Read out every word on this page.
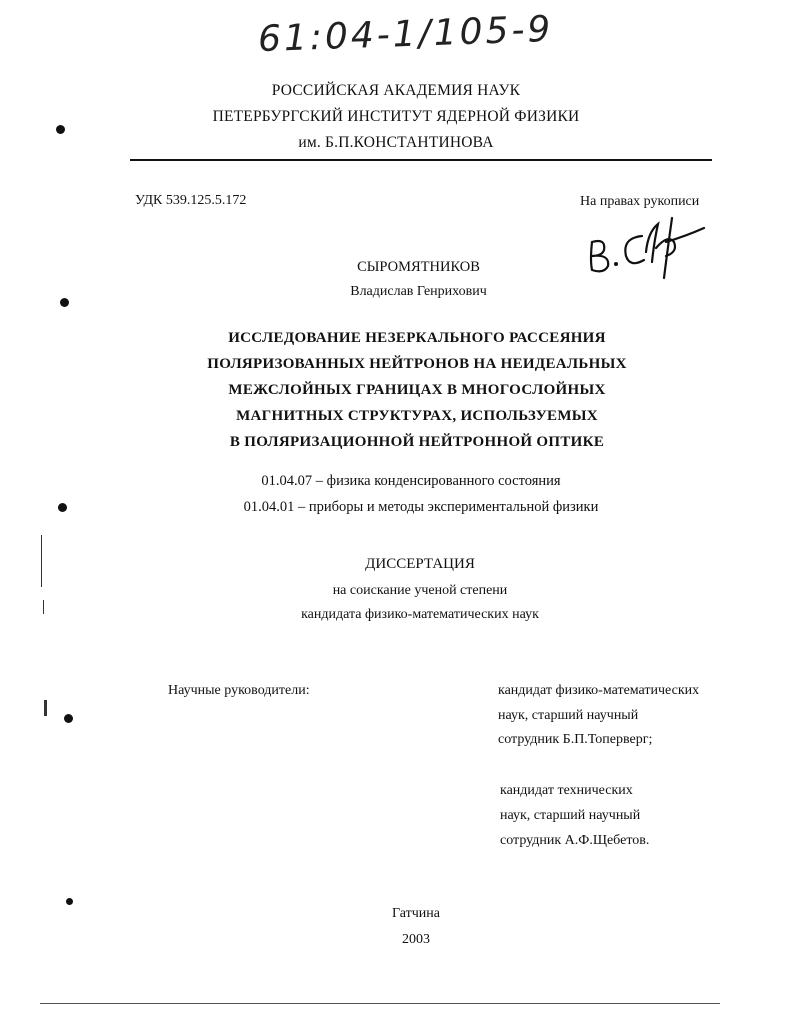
61:04-1/105-9
РОССИЙСКАЯ АКАДЕМИЯ НАУК
ПЕТЕРБУРГСКИЙ ИНСТИТУТ ЯДЕРНОЙ ФИЗИКИ
им. Б.П.КОНСТАНТИНОВА
УДК 539.125.5.172	На правах рукописи
СЫРОМЯТНИКОВ
Владислав Генрихович
ИССЛЕДОВАНИЕ НЕЗЕРКАЛЬНОГО РАССЕЯНИЯ
ПОЛЯРИЗОВАННЫХ НЕЙТРОНОВ НА НЕИДЕАЛЬНЫХ
МЕЖСЛОЙНЫХ ГРАНИЦАХ В МНОГОСЛОЙНЫХ
МАГНИТНЫХ СТРУКТУРАХ, ИСПОЛЬЗУЕМЫХ
В ПОЛЯРИЗАЦИОННОЙ НЕЙТРОННОЙ ОПТИКЕ
01.04.07 – физика конденсированного состояния
01.04.01 – приборы и методы экспериментальной физики
ДИССЕРТАЦИЯ
на соискание ученой степени
кандидата физико-математических наук
Научные руководители:	кандидат физико-математических
наук, старший научный
сотрудник Б.П.Топерверг;
кандидат технических
наук, старший научный
сотрудник А.Ф.Щебетов.
Гатчина
2003
